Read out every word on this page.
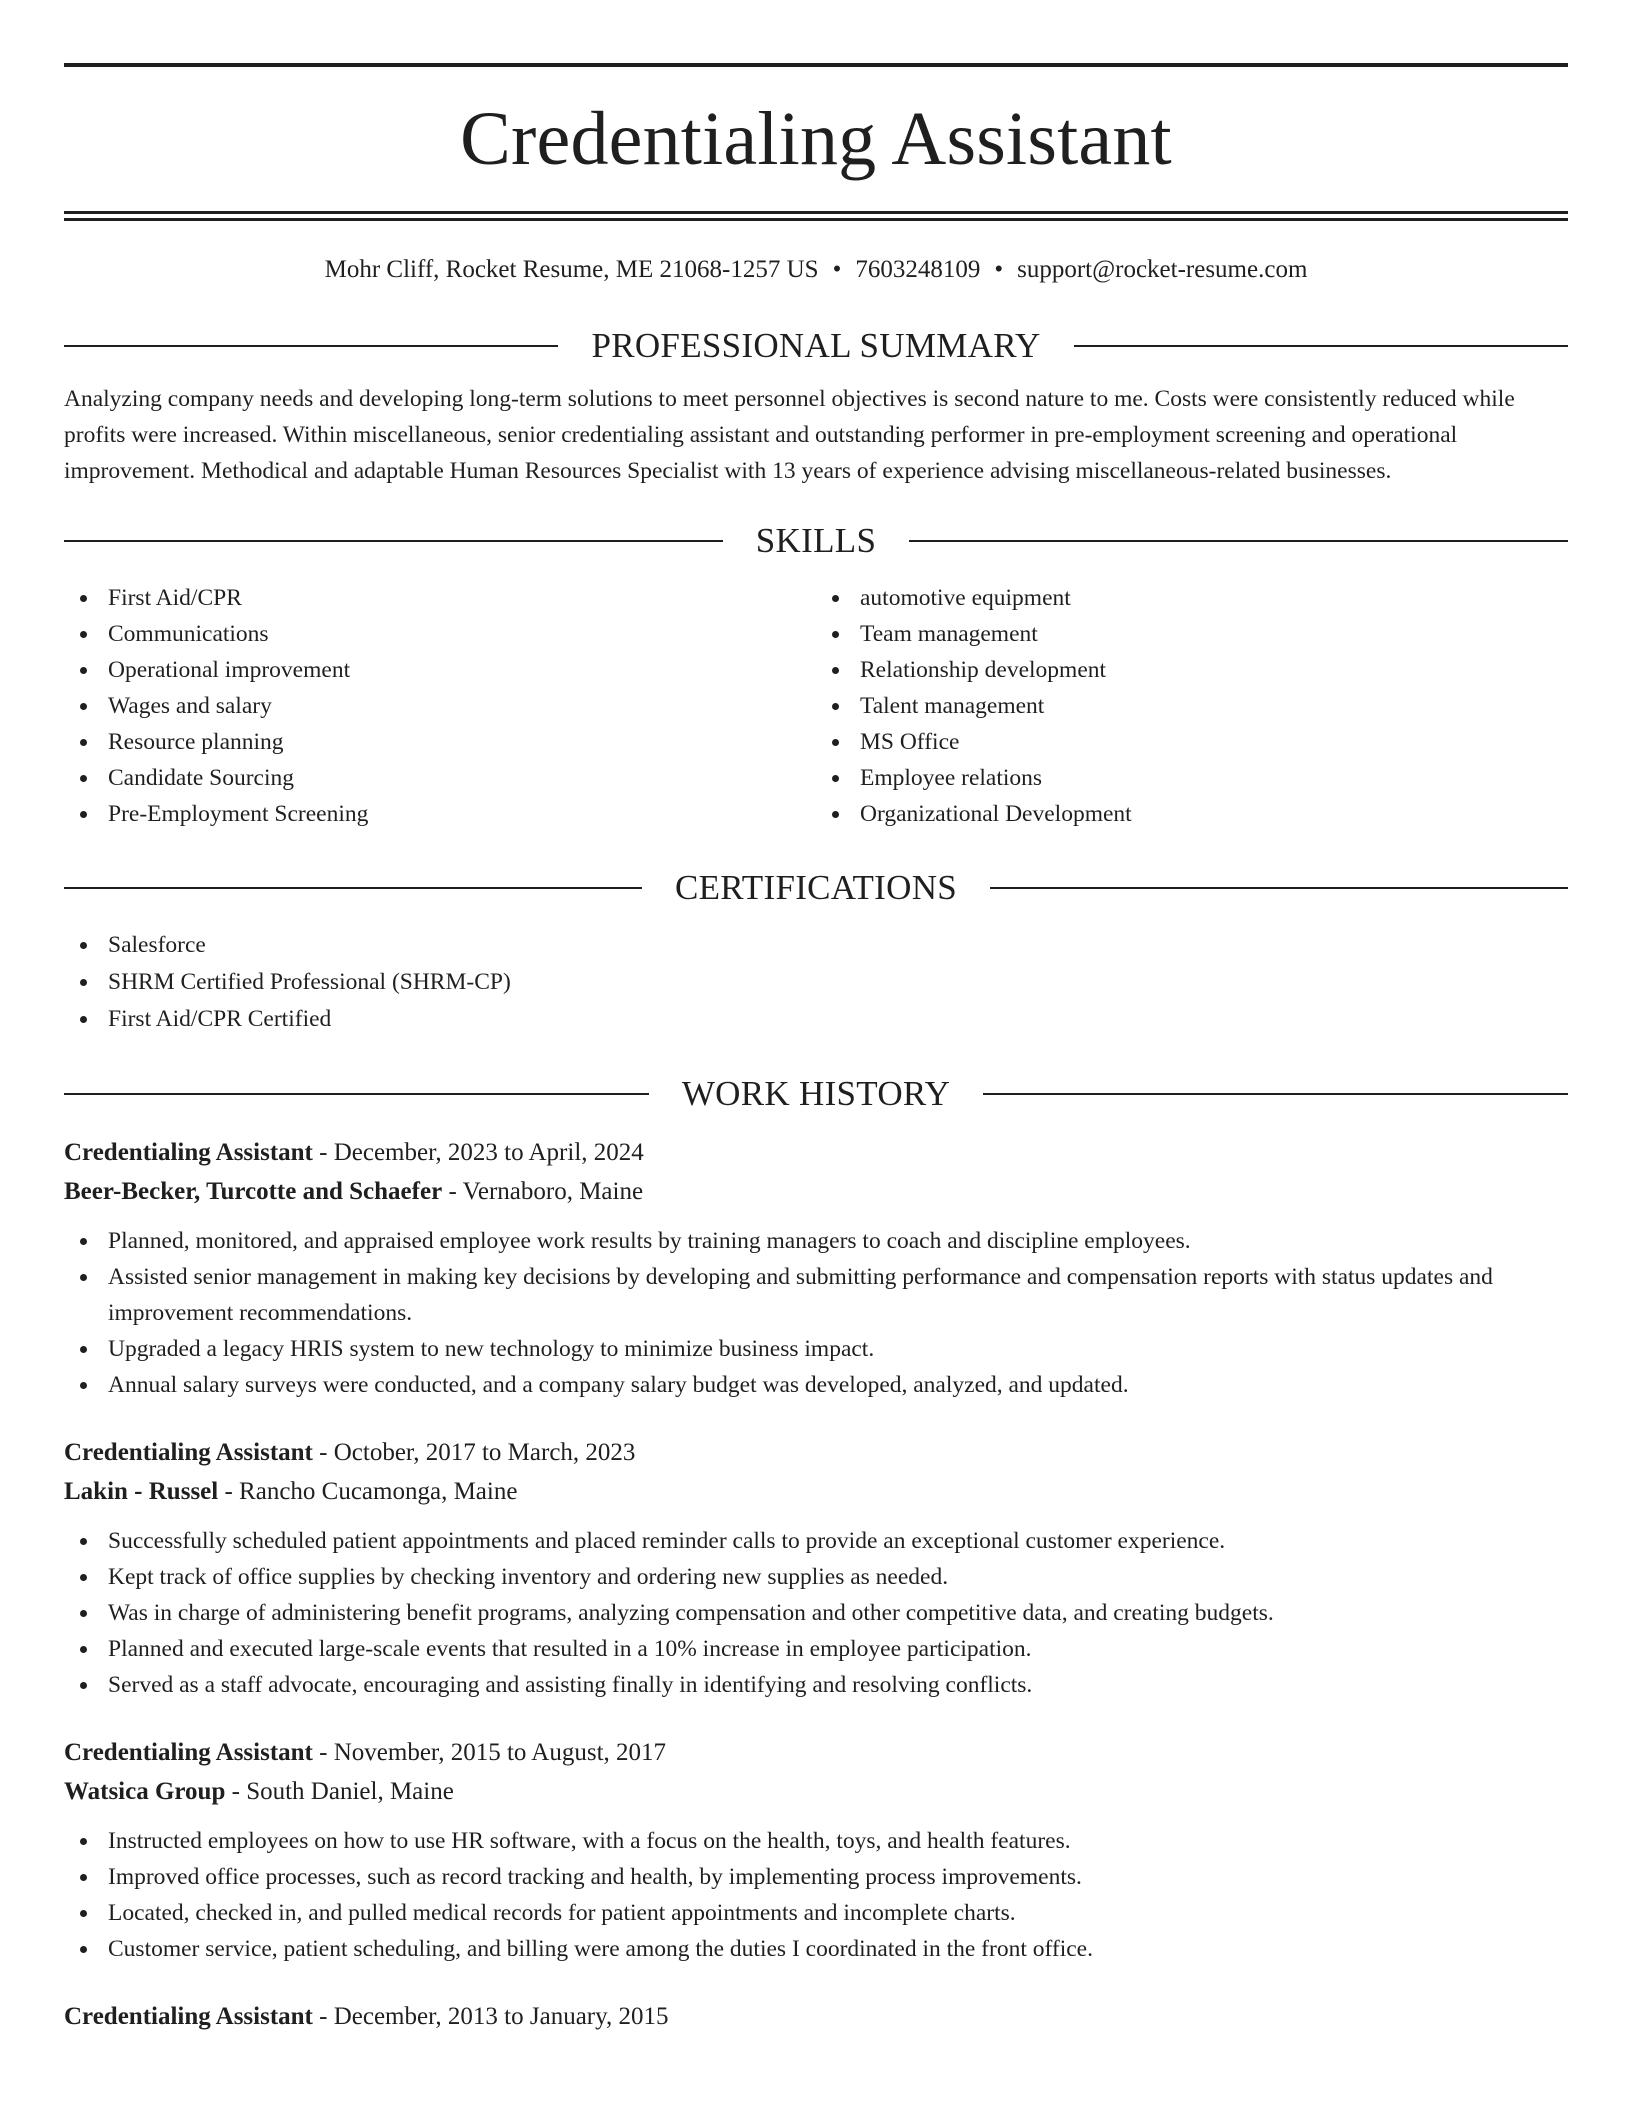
Credentialing Assistant
Mohr Cliff, Rocket Resume, ME 21068-1257 US • 7603248109 • support@rocket-resume.com
PROFESSIONAL SUMMARY

Analyzing company needs and developing long-term solutions to meet personnel objectives is second nature to me. Costs were consistently reduced while profits were increased. Within miscellaneous, senior credentialing assistant and outstanding performer in pre-employment screening and operational improvement. Methodical and adaptable Human Resources Specialist with 13 years of experience advising miscellaneous-related businesses.

SKILLS
First Aid/CPR
Communications
Operational improvement
Wages and salary
Resource planning
Candidate Sourcing
Pre-Employment Screening
automotive equipment
Team management
Relationship development
Talent management
MS Office
Employee relations
Organizational Development
CERTIFICATIONS
Salesforce
SHRM Certified Professional (SHRM-CP)
First Aid/CPR Certified
WORK HISTORY
Credentialing Assistant - December, 2023 to April, 2024
Beer-Becker, Turcotte and Schaefer - Vernaboro, Maine
Planned, monitored, and appraised employee work results by training managers to coach and discipline employees.
Assisted senior management in making key decisions by developing and submitting performance and compensation reports with status updates and improvement recommendations.
Upgraded a legacy HRIS system to new technology to minimize business impact.
Annual salary surveys were conducted, and a company salary budget was developed, analyzed, and updated.
Credentialing Assistant - October, 2017 to March, 2023
Lakin - Russel - Rancho Cucamonga, Maine
Successfully scheduled patient appointments and placed reminder calls to provide an exceptional customer experience.
Kept track of office supplies by checking inventory and ordering new supplies as needed.
Was in charge of administering benefit programs, analyzing compensation and other competitive data, and creating budgets.
Planned and executed large-scale events that resulted in a 10% increase in employee participation.
Served as a staff advocate, encouraging and assisting finally in identifying and resolving conflicts.
Credentialing Assistant - November, 2015 to August, 2017
Watsica Group - South Daniel, Maine
Instructed employees on how to use HR software, with a focus on the health, toys, and health features.
Improved office processes, such as record tracking and health, by implementing process improvements.
Located, checked in, and pulled medical records for patient appointments and incomplete charts.
Customer service, patient scheduling, and billing were among the duties I coordinated in the front office.
Credentialing Assistant - December, 2013 to January, 2015
